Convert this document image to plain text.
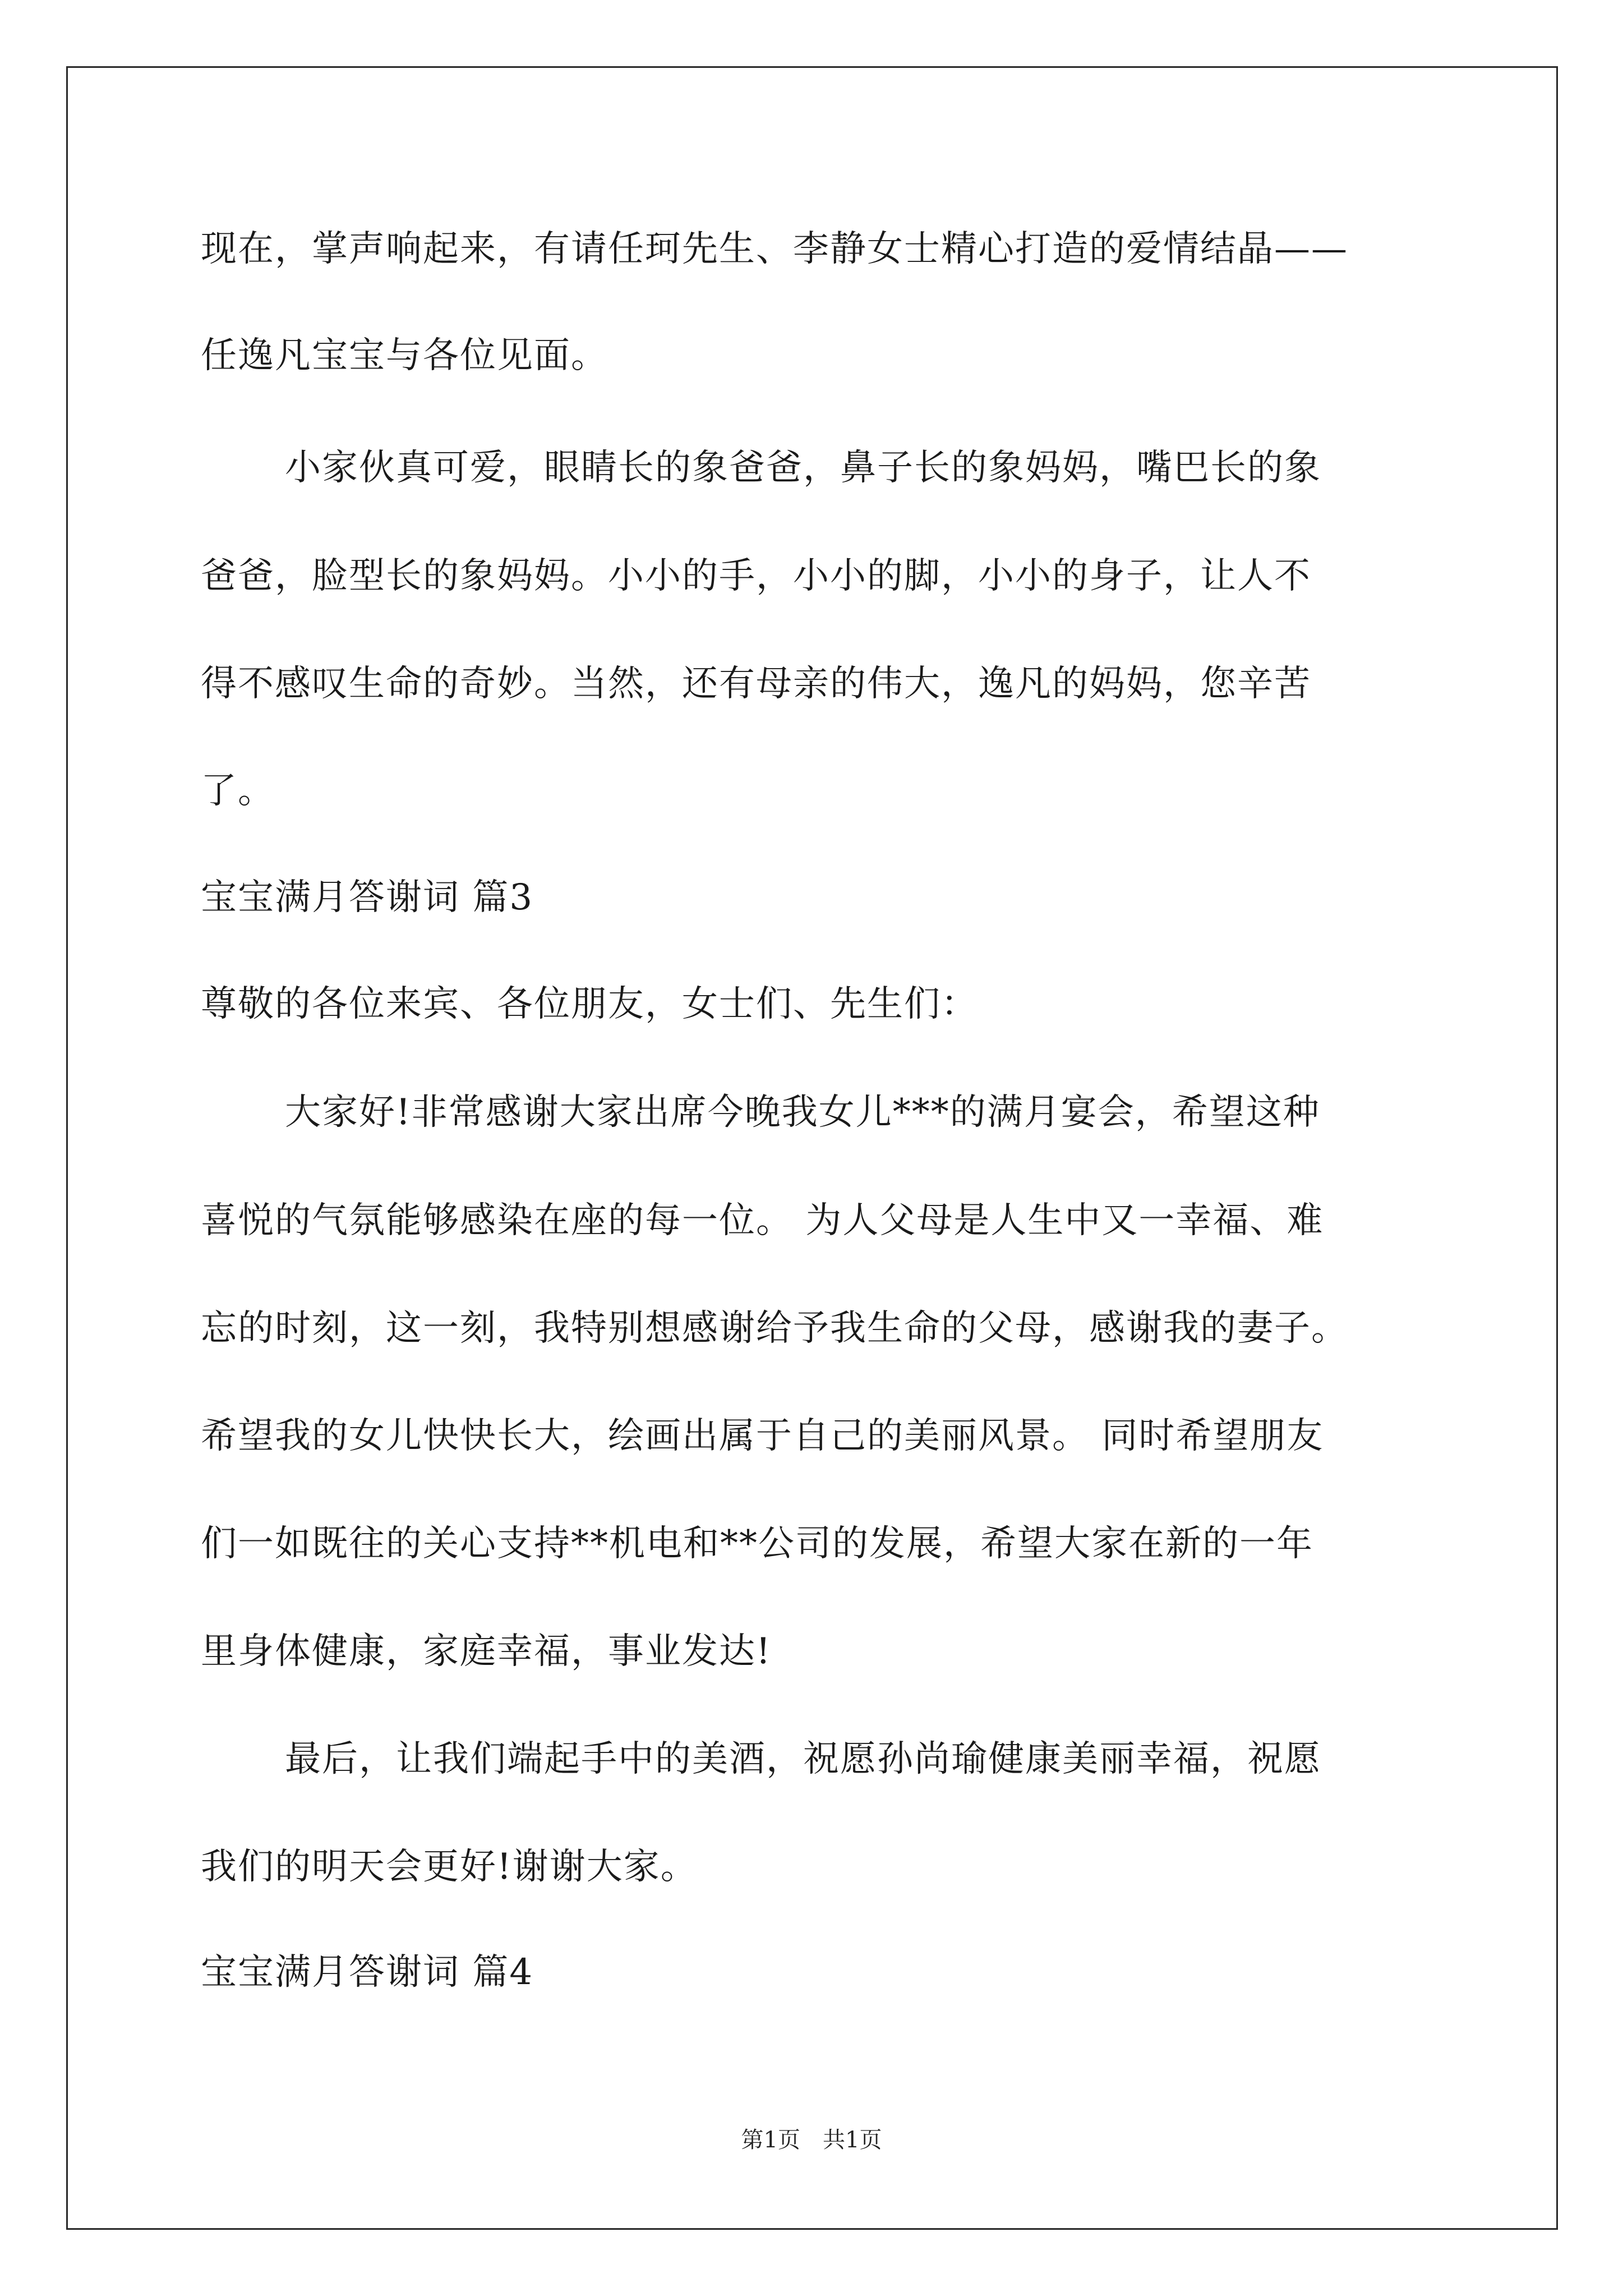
现在，掌声响起来，有请任珂先生、李静女士精心打造的爱情结晶——
任逸凡宝宝与各位见面。
小家伙真可爱，眼睛长的象爸爸，鼻子长的象妈妈，嘴巴长的象
爸爸，脸型长的象妈妈。小小的手，小小的脚，小小的身子，让人不
得不感叹生命的奇妙。当然，还有母亲的伟大，逸凡的妈妈，您辛苦
了。
宝宝满月答谢词 篇3
尊敬的各位来宾、各位朋友，女士们、先生们：
大家好!非常感谢大家出席今晚我女儿***的满月宴会，希望这种
喜悦的气氛能够感染在座的每一位。 为人父母是人生中又一幸福、难
忘的时刻，这一刻，我特别想感谢给予我生命的父母，感谢我的妻子。
希望我的女儿快快长大，绘画出属于自己的美丽风景。 同时希望朋友
们一如既往的关心支持**机电和**公司的发展，希望大家在新的一年
里身体健康，家庭幸福，事业发达!
最后，让我们端起手中的美酒，祝愿孙尚瑜健康美丽幸福，祝愿
我们的明天会更好!谢谢大家。
宝宝满月答谢词 篇4
第1页　共1页
